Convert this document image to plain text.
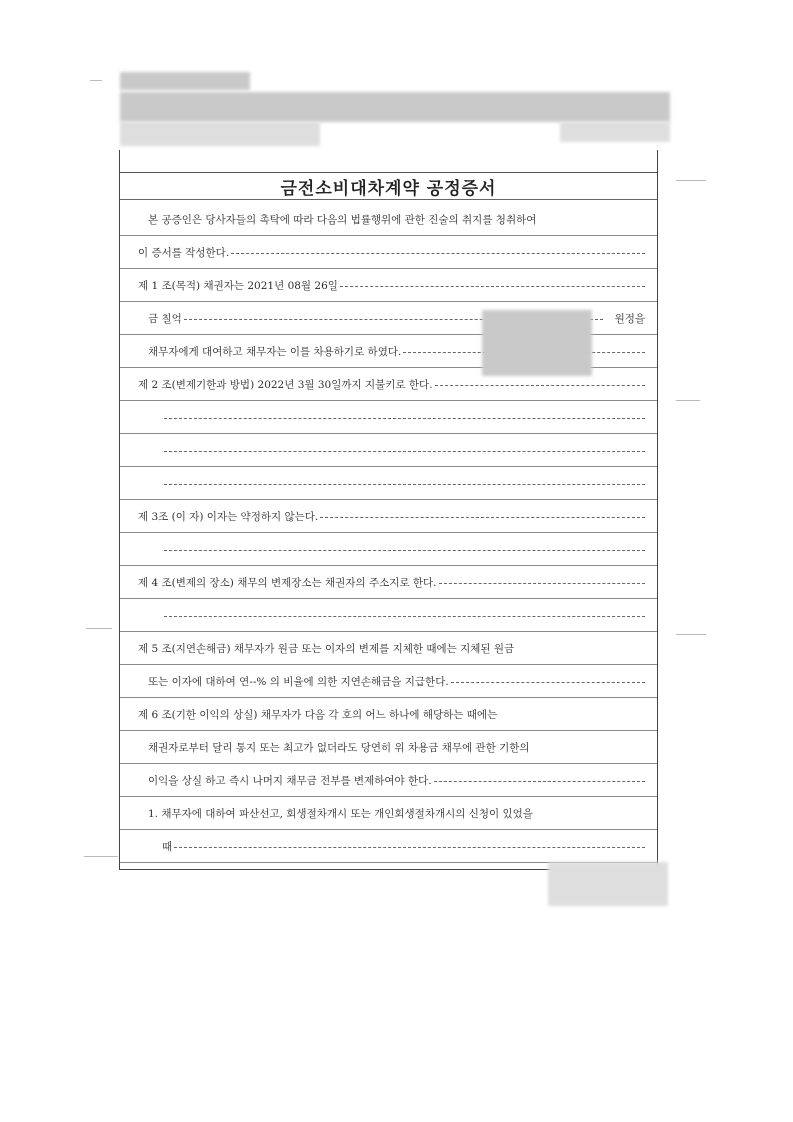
금전소비대차계약 공정증서
본 공증인은 당사자들의 촉탁에 따라 다음의 법률행위에 관한 진술의 취지를 청취하여
이 증서를 작성한다.
제 1 조(목적) 채권자는 2021년 08월 26일
금 칠억	원정을
채무자에게 대여하고 채무자는 이를 차용하기로 하였다.
제 2 조(변제기한과 방법) 2022년 3월 30일까지 지불키로 한다.
제 3조 (이 자) 이자는 약정하지 않는다.
제 4 조(변제의 장소) 채무의 변제장소는 채권자의 주소지로 한다.
제 5 조(지연손해금) 채무자가 원금 또는 이자의 변제를 지체한 때에는 지체된 원금
또는 이자에 대하여 연--% 의 비율에 의한 지연손해금을 지급한다.
제 6 조(기한 이익의 상실) 채무자가 다음 각 호의 어느 하나에 해당하는 때에는
채권자로부터 달리 통지 또는 최고가 없더라도 당연히 위 차용금 채무에 관한 기한의
이익을 상실 하고 즉시 나머지 채무금 전부를 변제하여야 한다.
1. 채무자에 대하여 파산선고, 회생절차개시 또는 개인회생절차개시의 신청이 있었을
때
